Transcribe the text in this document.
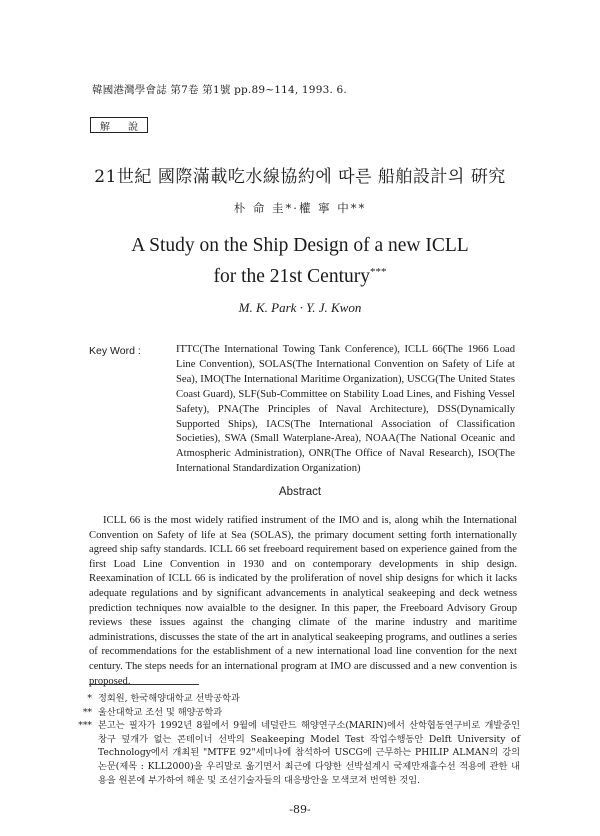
韓國港灣學會誌 第7卷 第1號 pp.89~114, 1993. 6.
解 說
21世紀 國際滿載吃水線協約에 따른 船舶設計의 硏究
朴 命 圭*·權 寧 中**
A Study on the Ship Design of a new ICLL
for the 21st Century***
M. K. Park · Y. J. Kwon
Key Word :	ITTC(The International Towing Tank Conference), ICLL 66(The 1966 Load Line Convention), SOLAS(The International Convention on Safety of Life at Sea), IMO(The International Maritime Organization), USCG(The United States Coast Guard), SLF(Sub-Committee on Stability Load Lines, and Fishing Vessel Safety), PNA(The Principles of Naval Architecture), DSS(Dynamically Supported Ships), IACS(The International Association of Classification Societies), SWA (Small Waterplane-Area), NOAA(The National Oceanic and Atmospheric Administration), ONR(The Office of Naval Research), ISO(The International Standardization Organization)
Abstract

ICLL 66 is the most widely ratified instrument of the IMO and is, along whih the International Convention on Safety of life at Sea (SOLAS), the primary document setting forth internationally agreed ship safty standards. ICLL 66 set freeboard requirement based on experience gained from the first Load Line Convention in 1930 and on contemporary developments in ship design. Reexamination of ICLL 66 is indicated by the proliferation of novel ship designs for which it lacks adequate regulations and by significant advancements in analytical seakeeping and deck wetness prediction techniques now avaialble to the designer. In this paper, the Freeboard Advisory Group reviews these issues against the changing climate of the marine industry and maritime administrations, discusses the state of the art in analytical seakeeping programs, and outlines a series of recommendations for the establishment of a new international load line convention for the next century. The steps needs for an international program at IMO are discussed and a new convention is proposed.

* 정회원, 한국해양대학교 선박공학과
** 울산대학교 조선 및 해양공학과
*** 본고는 필자가 1992년 8월에서 9월에 네덜란드 해양연구소(MARIN)에서 산학협동연구비로 개발중인 창구 덮개가 없는 콘테이너 선박의 Seakeeping Model Test 작업수행동안 Delft University of Technology에서 개최된 "MTFE 92"세미나에 참석하여 USCG에 근무하는 PHILIP ALMAN의 강의 논문(제목 : KLL2000)을 우리말로 옮기면서 최근에 다양한 선박설계시 국제만재흘수선 적용에 관한 내용을 원본에 부가하여 해운 및 조선기술자들의 대응방안을 모색코져 번역한 것임.
-89-
